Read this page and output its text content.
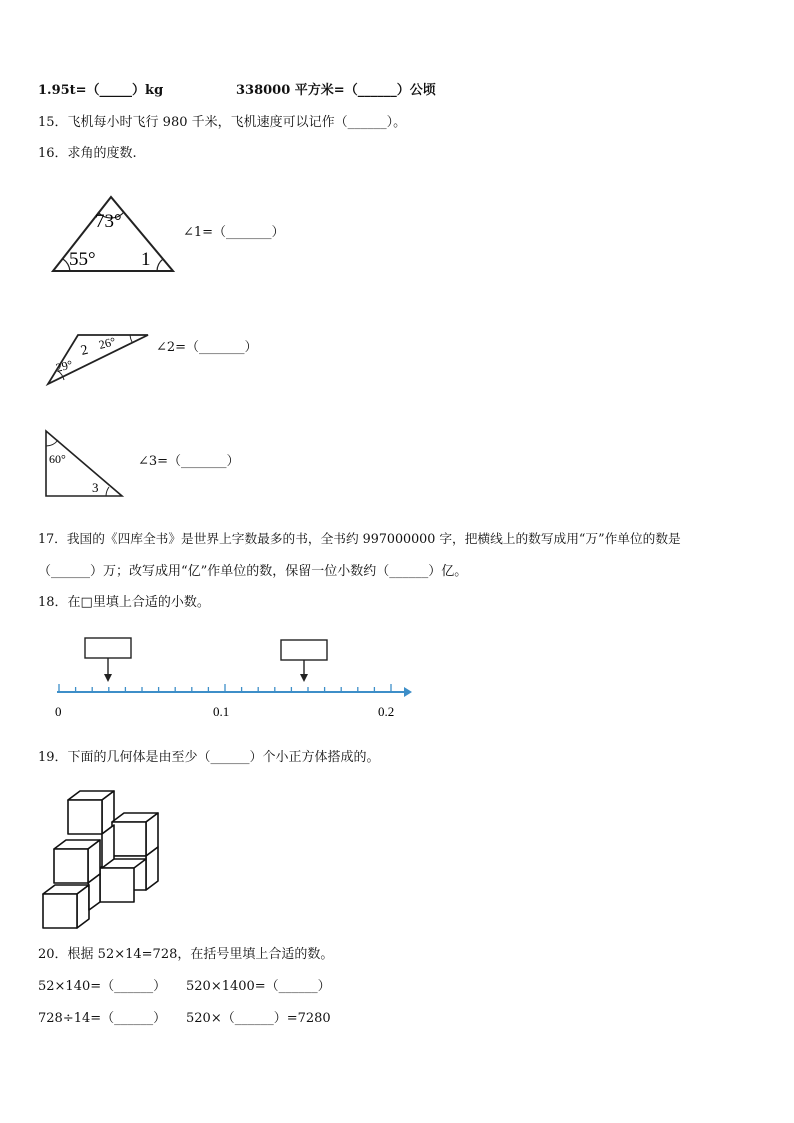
1.95t=（_____）kg	338000 平方米=（______）公顷
15．飞机每小时飞行 980 千米，飞机速度可以记作（______）。
16．求角的度数.
73°
55° 1
∠1=（_______）
2 26°
29°
∠2=（_______）
60°
3
∠3=（_______）
17．我国的《四库全书》是世界上字数最多的书，全书约 997000000 字，把横线上的数写成用“万”作单位的数是
（______）万；改写成用“亿”作单位的数，保留一位小数约（______）亿。
18．在□里填上合适的小数。
0	0.1	0.2
19．下面的几何体是由至少（______）个小正方体搭成的。
20．根据 52×14=728，在括号里填上合适的数。
52×140=（______） 520×1400=（______）
728÷14=（______） 520×（______）=7280
